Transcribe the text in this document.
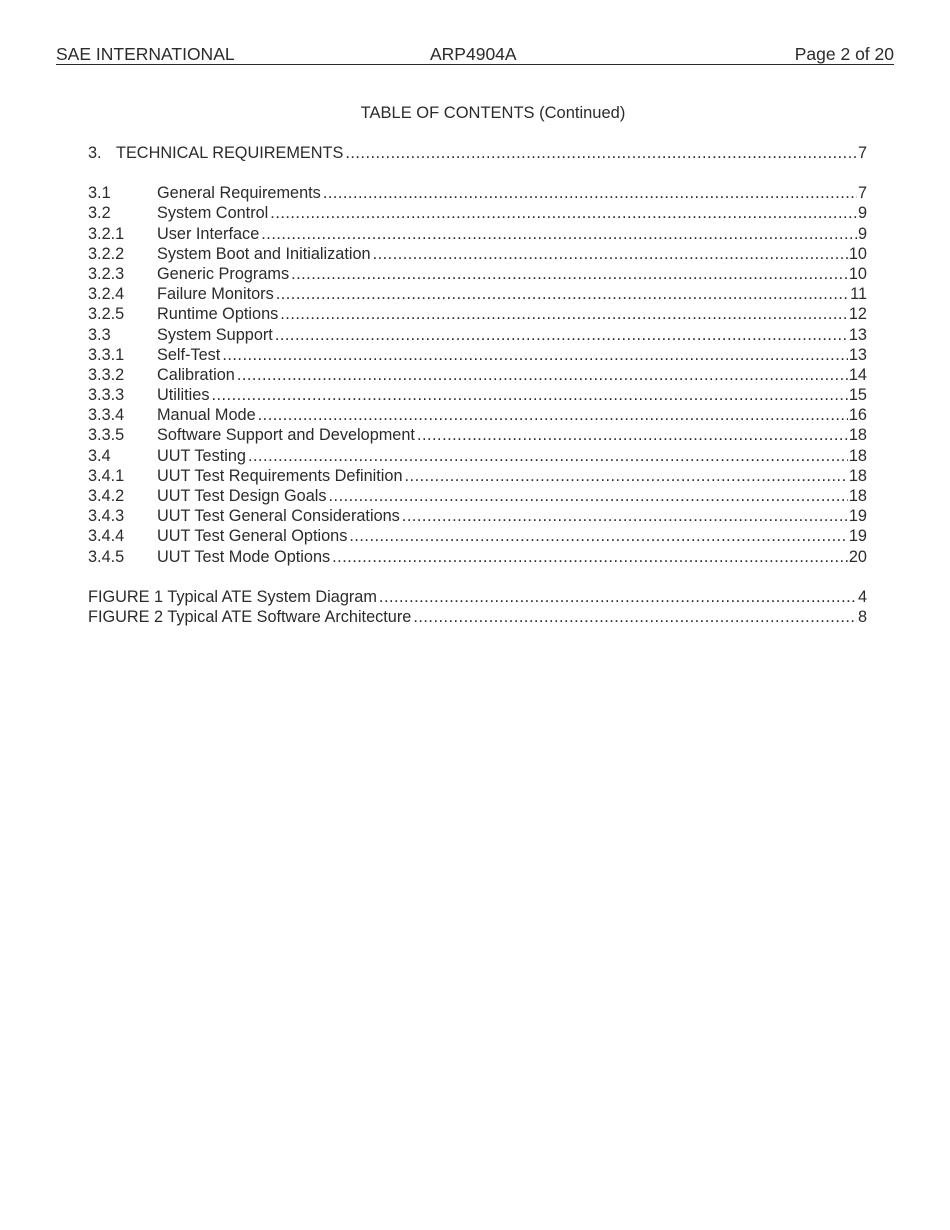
SAE INTERNATIONAL	ARP4904A	Page 2 of 20
TABLE OF CONTENTS (Continued)
3. TECHNICAL REQUIREMENTS .....	7
3.1	General Requirements .....	7
3.2	System Control .....	9
3.2.1	User Interface .....	9
3.2.2	System Boot and Initialization .....	10
3.2.3	Generic Programs .....	10
3.2.4	Failure Monitors .....	11
3.2.5	Runtime Options .....	12
3.3	System Support .....	13
3.3.1	Self-Test .....	13
3.3.2	Calibration .....	14
3.3.3	Utilities .....	15
3.3.4	Manual Mode .....	16
3.3.5	Software Support and Development .....	18
3.4	UUT Testing .....	18
3.4.1	UUT Test Requirements Definition .....	18
3.4.2	UUT Test Design Goals .....	18
3.4.3	UUT Test General Considerations .....	19
3.4.4	UUT Test General Options .....	19
3.4.5	UUT Test Mode Options .....	20
FIGURE 1 Typical ATE System Diagram .....	4
FIGURE 2 Typical ATE Software Architecture .....	8
